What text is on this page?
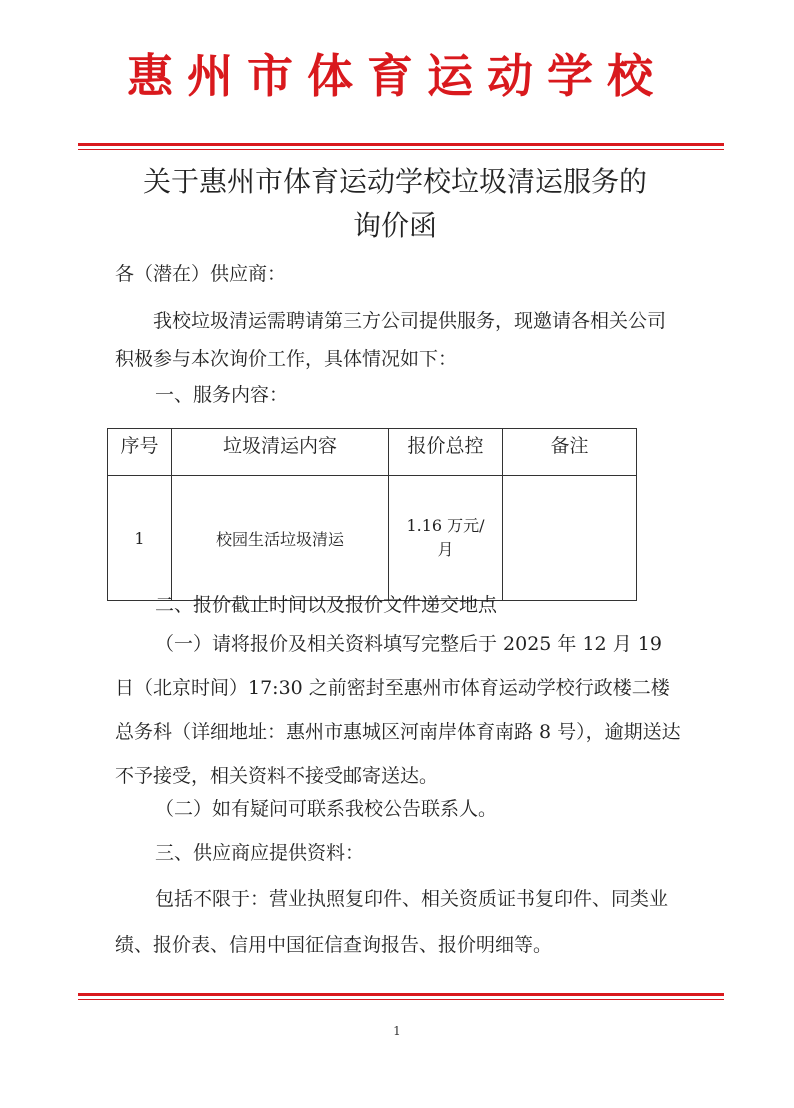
惠州市体育运动学校
关于惠州市体育运动学校垃圾清运服务的
询价函
各（潜在）供应商：
我校垃圾清运需聘请第三方公司提供服务，现邀请各相关公司积极参与本次询价工作，具体情况如下：
一、服务内容：
序号	垃圾清运内容	报价总控	备注
1	校园生活垃圾清运	1.16 万元/
月	

二、报价截止时间以及报价文件递交地点
（一）请将报价及相关资料填写完整后于 2025 年 12 月 19 日（北京时间）17:30 之前密封至惠州市体育运动学校行政楼二楼总务科（详细地址：惠州市惠城区河南岸体育南路 8 号），逾期送达不予接受，相关资料不接受邮寄送达。
（二）如有疑问可联系我校公告联系人。
三、供应商应提供资料：
包括不限于：营业执照复印件、相关资质证书复印件、同类业绩、报价表、信用中国征信查询报告、报价明细等。
1
